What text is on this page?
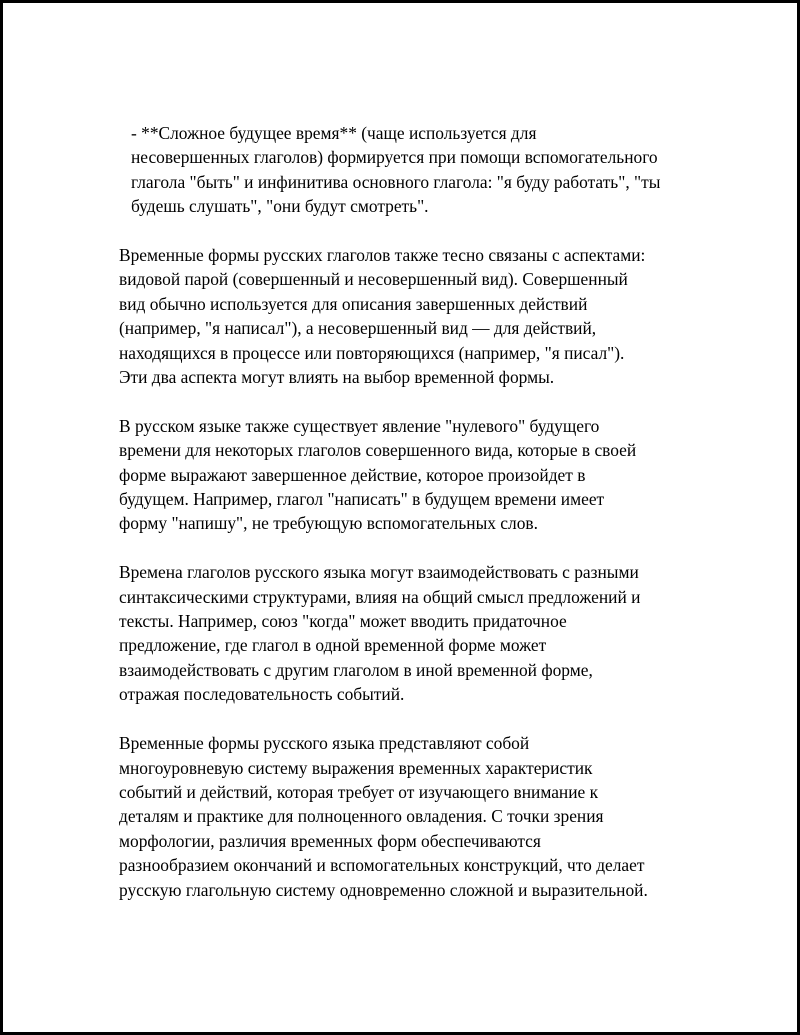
- **Сложное будущее время** (чаще используется для
несовершенных глаголов) формируется при помощи вспомогательного
глагола "быть" и инфинитива основного глагола: "я буду работать", "ты
будешь слушать", "они будут смотреть".

Временные формы русских глаголов также тесно связаны с аспектами:
видовой парой (совершенный и несовершенный вид). Совершенный
вид обычно используется для описания завершенных действий
(например, "я написал"), а несовершенный вид — для действий,
находящихся в процессе или повторяющихся (например, "я писал").
Эти два аспекта могут влиять на выбор временной формы.

В русском языке также существует явление "нулевого" будущего
времени для некоторых глаголов совершенного вида, которые в своей
форме выражают завершенное действие, которое произойдет в
будущем. Например, глагол "написать" в будущем времени имеет
форму "напишу", не требующую вспомогательных слов.

Времена глаголов русского языка могут взаимодействовать с разными
синтаксическими структурами, влияя на общий смысл предложений и
тексты. Например, союз "когда" может вводить придаточное
предложение, где глагол в одной временной форме может
взаимодействовать с другим глаголом в иной временной форме,
отражая последовательность событий.

Временные формы русского языка представляют собой
многоуровневую систему выражения временных характеристик
событий и действий, которая требует от изучающего внимание к
деталям и практике для полноценного овладения. С точки зрения
морфологии, различия временных форм обеспечиваются
разнообразием окончаний и вспомогательных конструкций, что делает
русскую глагольную систему одновременно сложной и выразительной.
